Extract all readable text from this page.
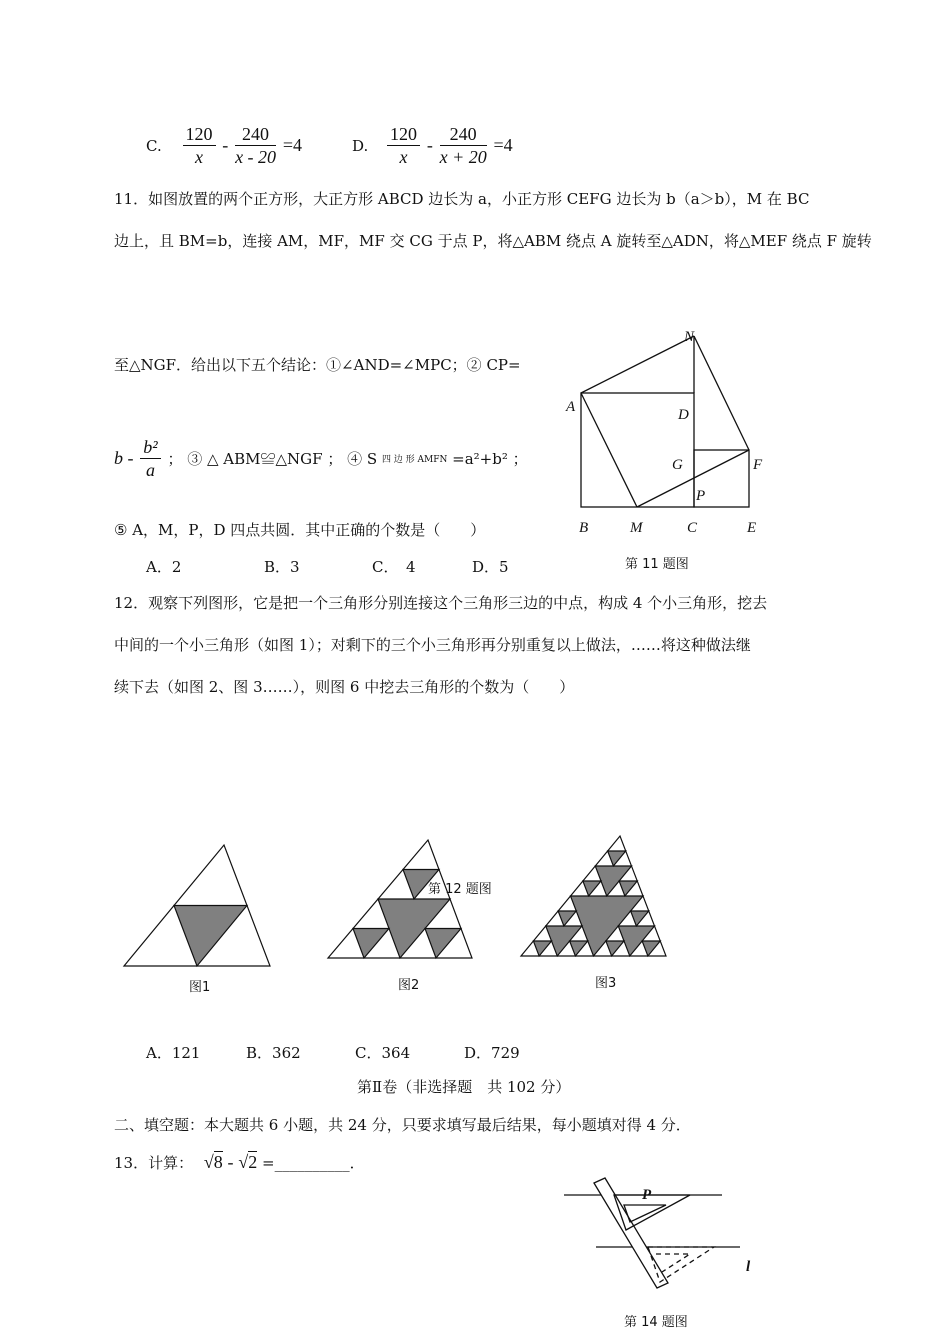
C. $\frac{120}{x} - \frac{240}{x - 20} =4$	D. $\frac{120}{x} - \frac{240}{x + 20} =4$
11．如图放置的两个正方形，大正方形 ABCD 边长为 a，小正方形 CEFG 边长为 b（a＞b），M 在 BC
边上，且 BM=b，连接 AM，MF，MF 交 CG 于点 P，将△ABM 绕点 A 旋转至△ADN，将△MEF 绕点 F 旋转
至△NGF．给出以下五个结论：①∠AND=∠MPC；② CP=
b - $\frac{\text{b²}}{a}$ ； ③ △ ABM≌△NGF ； ④ S 四 边 形 AMFN =a²+b² ；
⑤ A，M，P，D 四点共圆．其中正确的个数是（　　）
A．2	B．3	C．　4	D．5
N
A	D
G	F
P
B	M	C	E
第 11 题图
12．观察下列图形，它是把一个三角形分别连接这个三角形三边的中点，构成 4 个小三角形，挖去
中间的一个小三角形（如图 1）；对剩下的三个小三角形再分别重复以上做法，……将这种做法继
续下去（如图 2、图 3……），则图 6 中挖去三角形的个数为（　　）
第 12 题图
图1	图2	图3
A．121	B．362	C．364	D．729
第Ⅱ卷（非选择题　共 102 分）
二、填空题：本大题共 6 小题，共 24 分，只要求填写最后结果，每小题填对得 4 分．
13．计算： √8 - √2 =__________．
P
l
第 14 题图
